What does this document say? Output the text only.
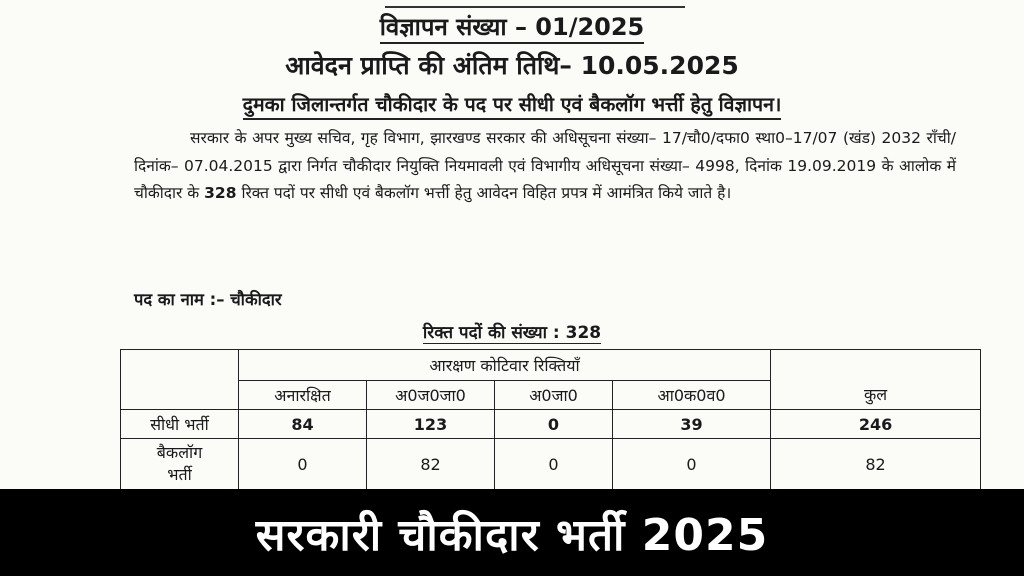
विज्ञापन संख्या – 01/2025
आवेदन प्राप्ति की अंतिम तिथि– 10.05.2025
दुमका जिलान्तर्गत चौकीदार के पद पर सीधी एवं बैकलॉग भर्त्ती हेतु विज्ञापन।
सरकार के अपर मुख्य सचिव, गृह विभाग, झारखण्ड सरकार की अधिसूचना संख्या– 17/चौ0/दफा0 स्था0–17/07 (खंड) 2032 राँची/दिनांक– 07.04.2015 द्वारा निर्गत चौकीदार नियुक्ति नियमावली एवं विभागीय अधिसूचना संख्या– 4998, दिनांक 19.09.2019 के आलोक में चौकीदार के 328 रिक्त पदों पर सीधी एवं बैकलॉग भर्त्ती हेतु आवेदन विहित प्रपत्र में आमंत्रित किये जाते है।
पद का नाम :– चौकीदार
रिक्त पदों की संख्या : 328
	आरक्षण कोटिवार रिक्तियाँ				कुल
	अनारक्षित	अ0ज0जा0	अ0जा0	आ0क0व0	
सीधी भर्ती	84	123	0	39	246

बैकलॉग
भर्ती	0	82	0	0	82
सरकारी चौकीदार भर्ती 2025
